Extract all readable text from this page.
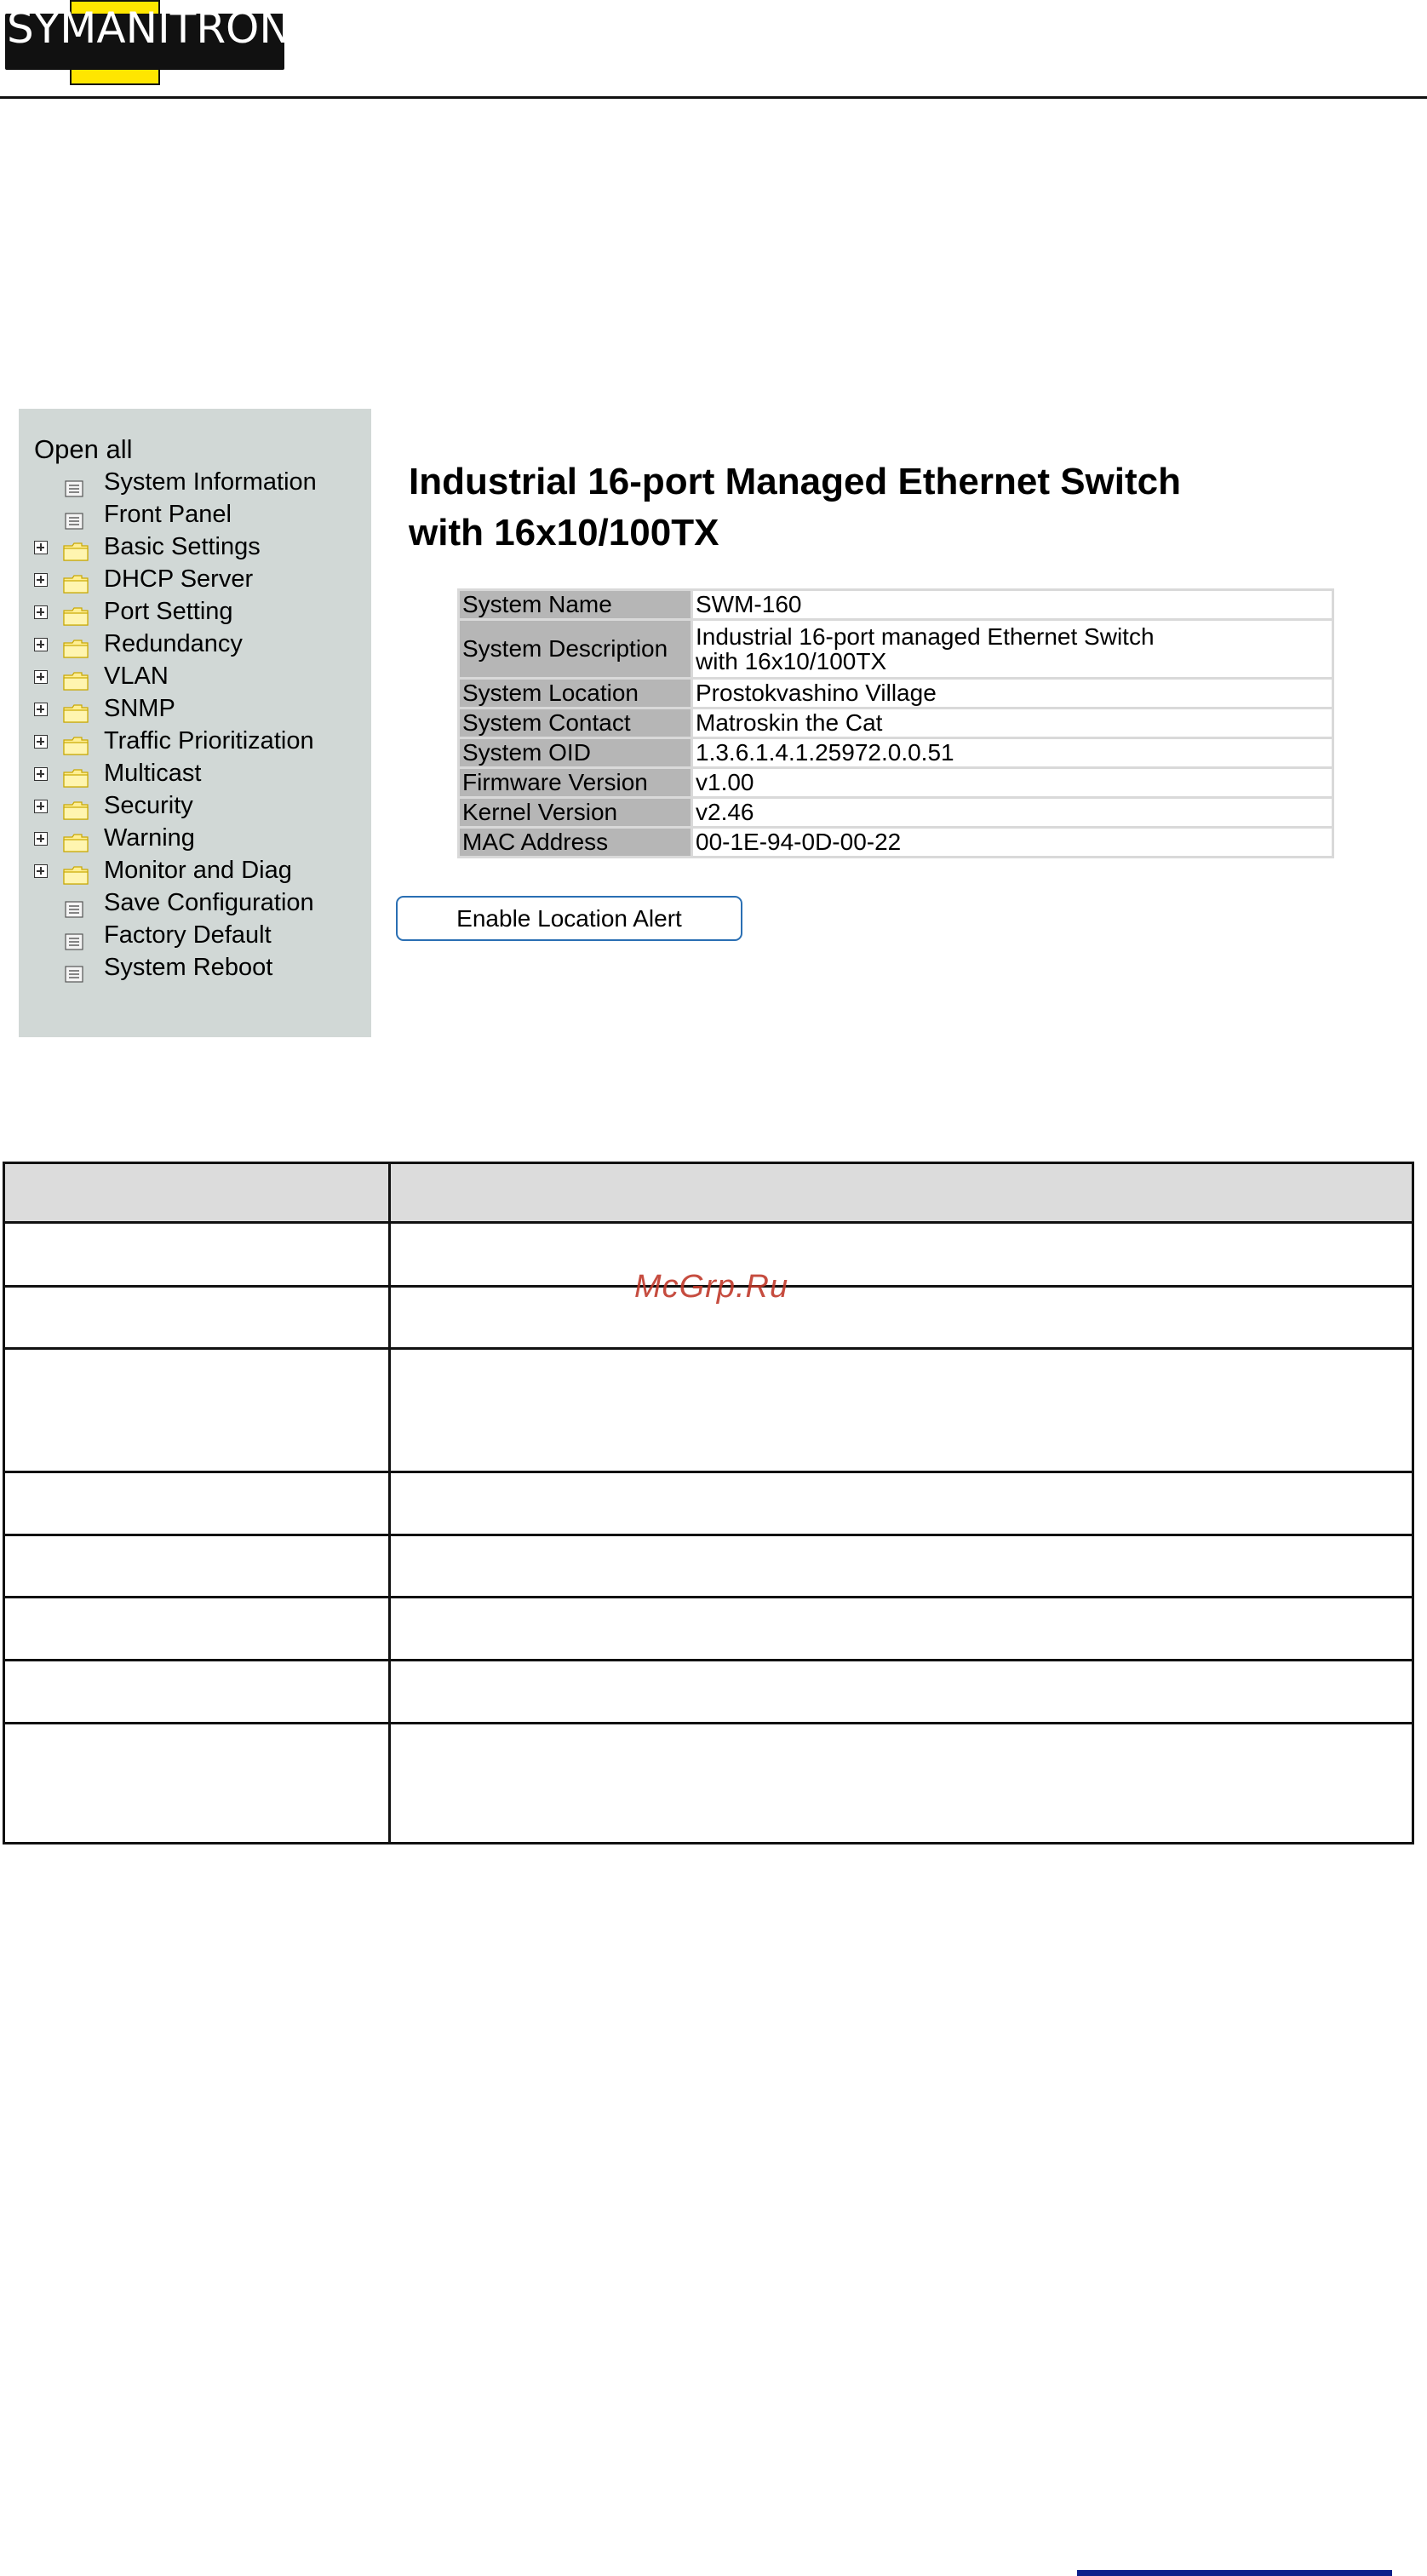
SYMANITRON
Open all
System Information
Front Panel
Basic Settings
DHCP Server
Port Setting
Redundancy
VLAN
SNMP
Traffic Prioritization
Multicast
Security
Warning
Monitor and Diag
Save Configuration
Factory Default
System Reboot
Industrial 16-port Managed Ethernet Switch
with 16x10/100TX
System Name	SWM-160
System Description	Industrial 16-port managed Ethernet Switch
with 16x10/100TX

System Location	Prostokvashino Village
System Contact	Matroskin the Cat
System OID	1.3.6.1.4.1.25972.0.0.51
Firmware Version	v1.00
Kernel Version	v2.46
MAC Address	00-1E-94-0D-00-22
Enable Location Alert
McGrp.Ru
